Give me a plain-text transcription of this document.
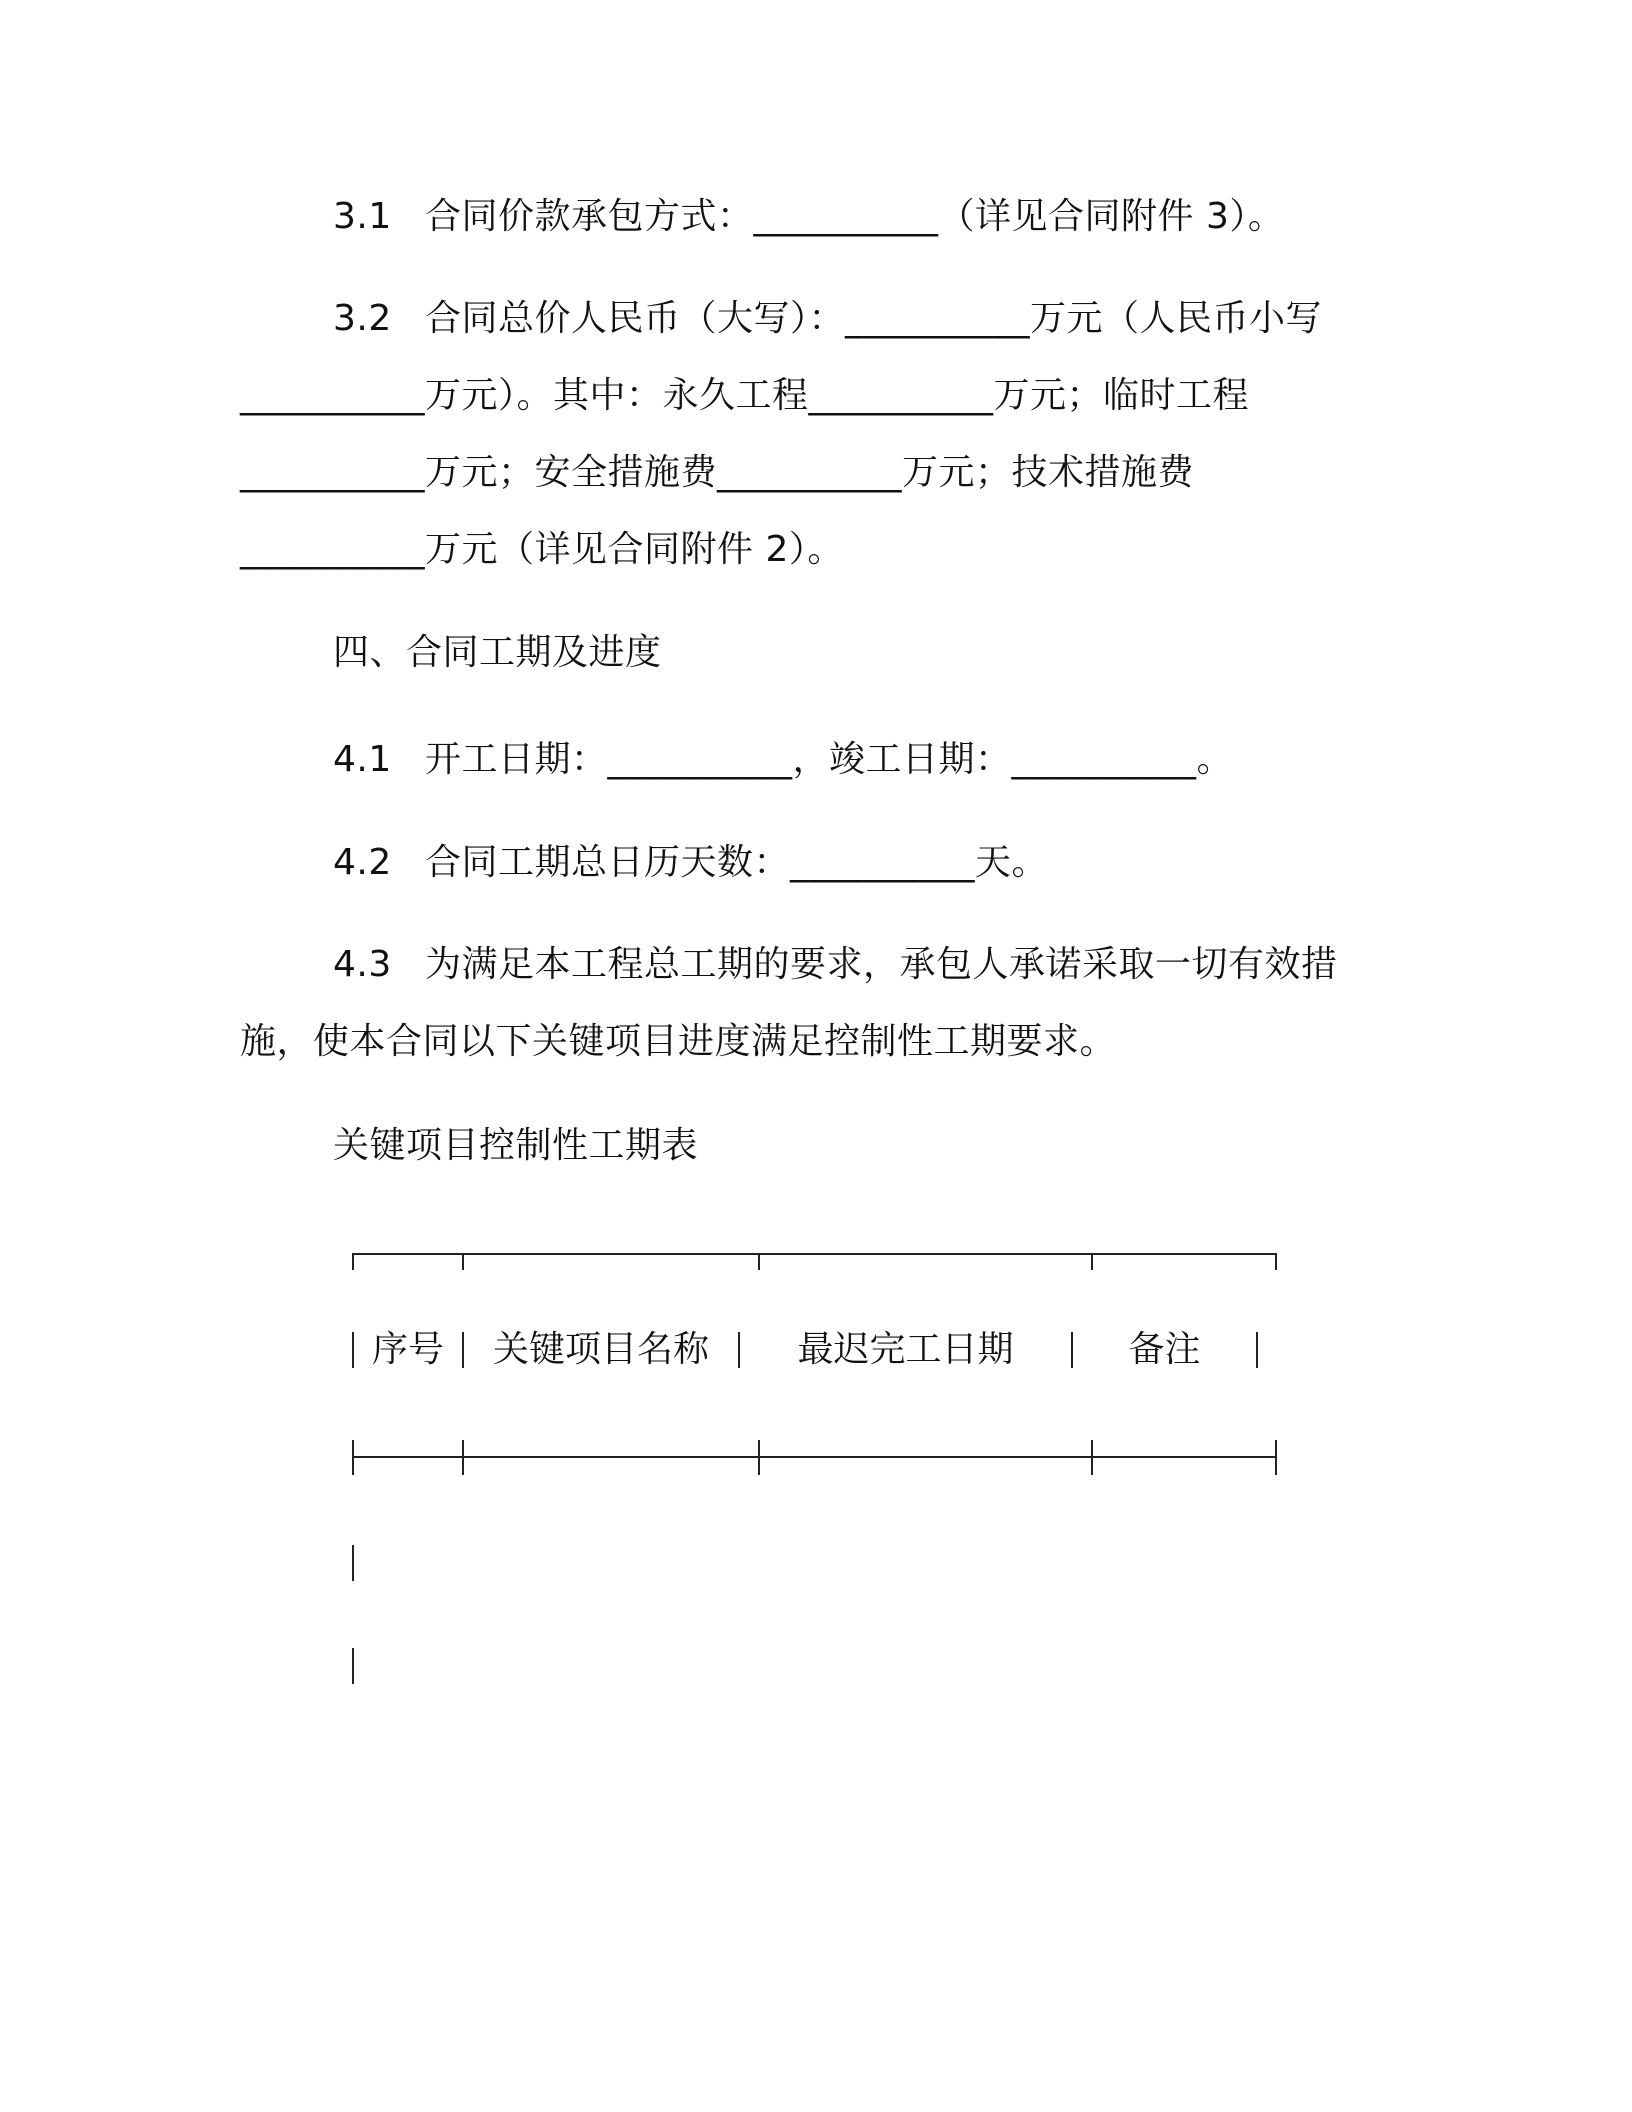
3.1 合同价款承包方式：__________（详见合同附件 3）。
3.2 合同总价人民币（大写）：__________万元（人民币小写
__________万元）。其中：永久工程__________万元；临时工程
__________万元；安全措施费__________万元；技术措施费
__________万元（详见合同附件 2）。
四、合同工期及进度
4.1 开工日期：__________，竣工日期：__________。
4.2 合同工期总日历天数：__________天。
4.3 为满足本工程总工期的要求，承包人承诺采取一切有效措
施，使本合同以下关键项目进度满足控制性工期要求。
关键项目控制性工期表
序号	关键项目名称	最迟完工日期	备注
